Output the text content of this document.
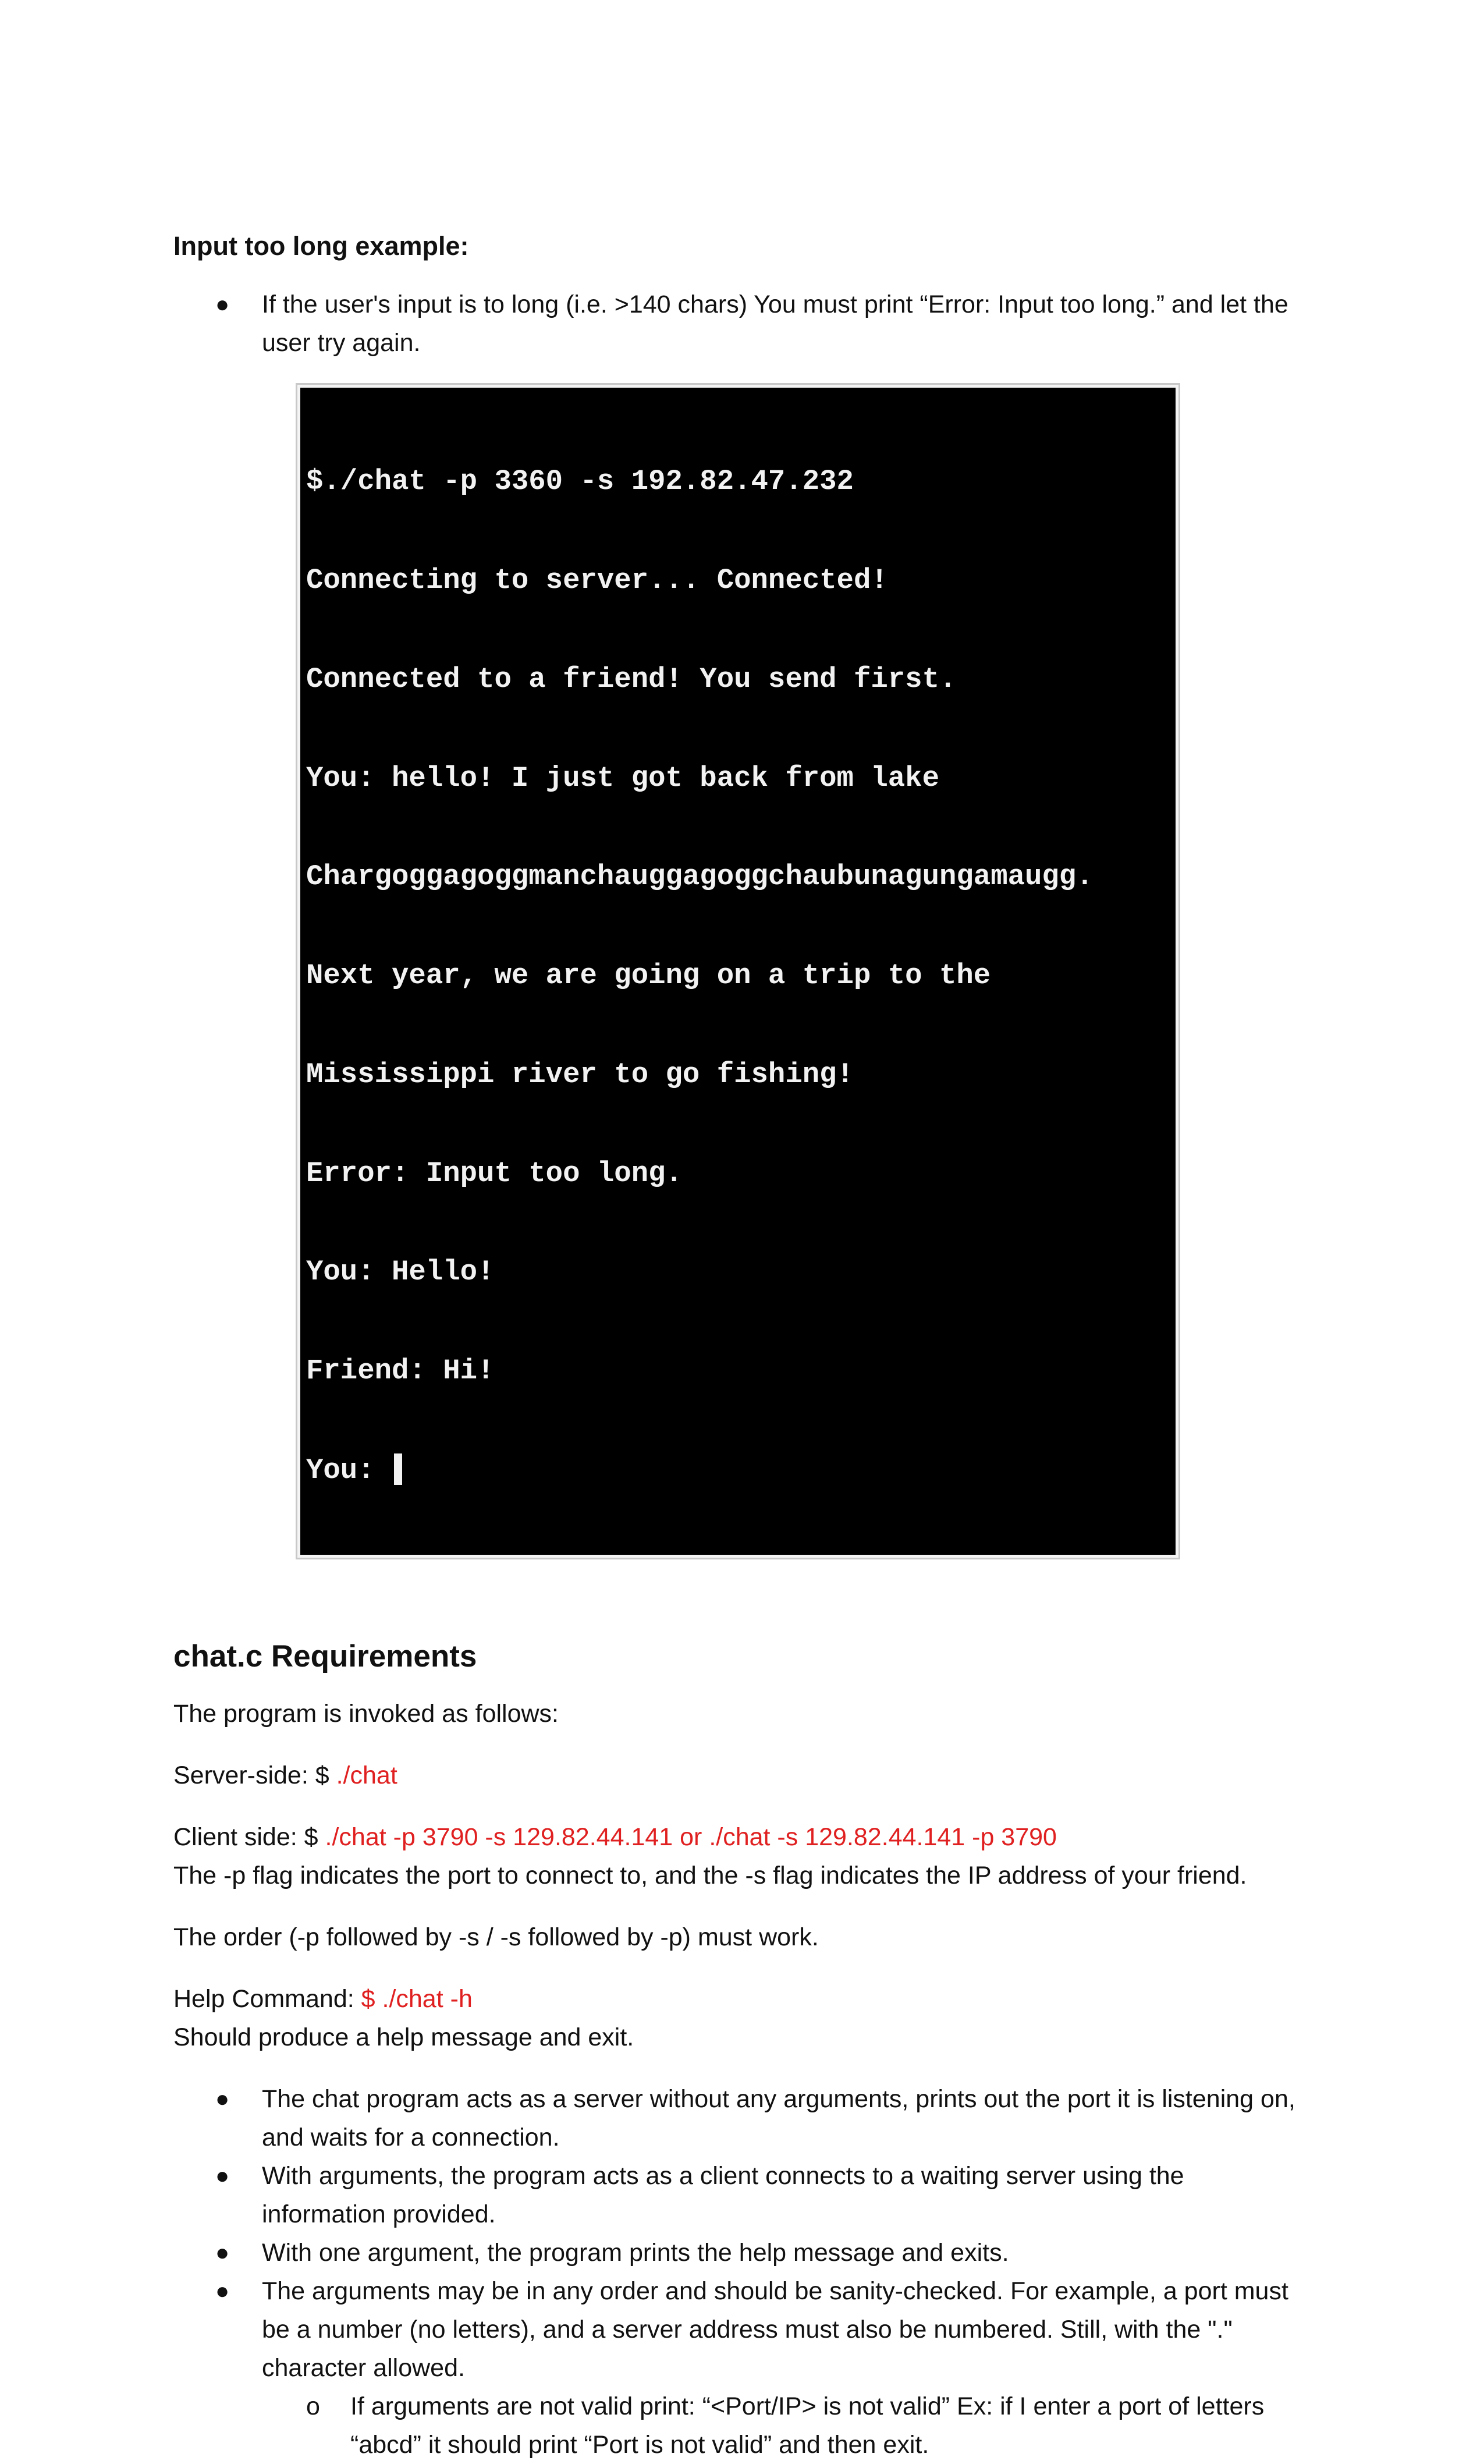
Input too long example:
● If the user's input is to long (i.e. >140 chars) You must print “Error: Input too long.” and let the user try again.

$./chat -p 3360 -s 192.82.47.232

Connecting to server... Connected!

Connected to a friend! You send first.

You: hello! I just got back from lake

Chargoggagoggmanchauggagoggchaubunagungamaugg.

Next year, we are going on a trip to the

Mississippi river to go fishing!

Error: Input too long.

You: Hello!

Friend: Hi!

You:

chat.c Requirements

The program is invoked as follows:

Server-side: $ ./chat

Client side: $ ./chat -p 3790 -s 129.82.44.141 or ./chat -s 129.82.44.141 -p 3790

The -p flag indicates the port to connect to, and the -s flag indicates the IP address of your friend.

The order (-p followed by -s / -s followed by -p) must work.

Help Command: $ ./chat -h

Should produce a help message and exit.

● The chat program acts as a server without any arguments, prints out the port it is listening on, and waits for a connection.
● With arguments, the program acts as a client connects to a waiting server using the information provided.
● With one argument, the program prints the help message and exits.
● The arguments may be in any order and should be sanity-checked. For example, a port must be a number (no letters), and a server address must also be numbered. Still, with the "." character allowed.
o If arguments are not valid print: “<Port/IP> is not valid” Ex: if I enter a port of letters “abcd” it should print “Port is not valid” and then exit.
